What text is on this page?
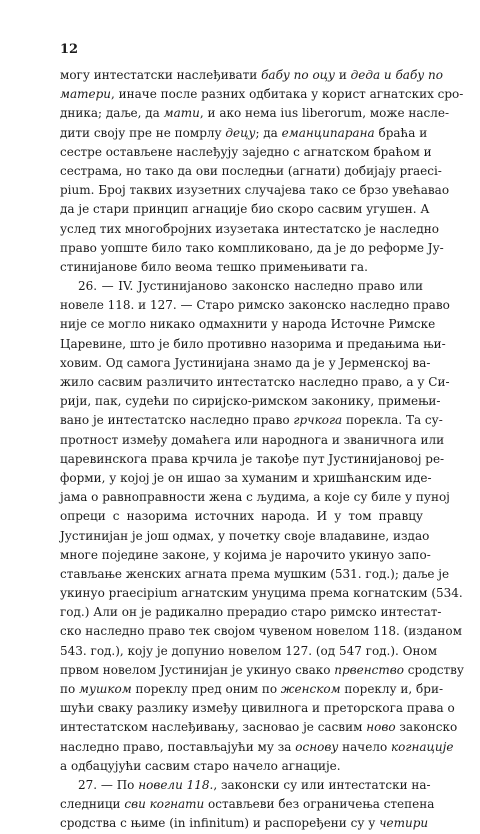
12
могу интестатски наслеђивати бабу по оцу и деда и бабу по
матери, иначе после разних одбитака у корист агнатских сро-
дника; даље, да мати, и ако нема ius liberorum, може насле-
дити своју пре не помрлу децу; да еманципарана браћа и
сестре остављене наслеђују заједно с агнатском браћом и
сестрама, но тако да ови последњи (агнати) добијају praeci-
pium. Број таквих изузетних случајева тако се брзо увећавао
да је стари принцип агнације био скоро сасвим угушен. А
услед тих многобројних изузетака интестатско је наследно
право уопште било тако компликовано, да је до реформе Ју-
стинијанове било веома тешко примењивати га.
26. — IV. Јустинијаново законско наследно право или
новеле 118. и 127. — Старо римско законско наследно право
није се могло никако одмахнити у народа Источне Римске
Царевине, што је било противно назорима и предањима њи-
ховим. Од самога Јустинијана знамо да је у Јерменској ва-
жило сасвим различито интестатско наследно право, а у Си-
рији, пак, судећи по сиријско-римском законику, примењи-
вано је интестатско наследно право грчкога порекла. Та су-
протност између домаћега или народнога и званичнога или
царевинскога права крчила је такође пут Јустинијановој ре-
форми, у којој је он ишао за хуманим и хришћанским иде-
јама о равноправности жена с људима, а које су биле у пуној
опреци с назорима источних народа. И у том правцу
Јустинијан је још одмах, у почетку своје владавине, издао
многе поједине законе, у којима је нарочито укинуо запо-
стављање женских агната према мушким (531. год.); даље је
укинуо praecipium агнатским унуцима према когнатским (534.
год.) Али он је радикално прерадио старо римско интестат-
ско наследно право тек својом чувеном новелом 118. (изданом
543. год.), коју је допунио новелом 127. (од 547 год.). Оном
првом новелом Јустинијан је укинуо свако првенство сродству
по мушком пореклу пред оним по женском пореклу и, бри-
шући сваку разлику између цивилнога и преторскога права о
интестатском наслеђивању, засновао је сасвим ново законско
наследно право, постављајући му за основу начело когнације
а одбацујући сасвим старо начело агнације.
27. — По новели 118., законски су или интестатски на-
следници сви когнати остављеви без ограничења степена
сродства с њиме (in infinitum) и распоређени су у четири
